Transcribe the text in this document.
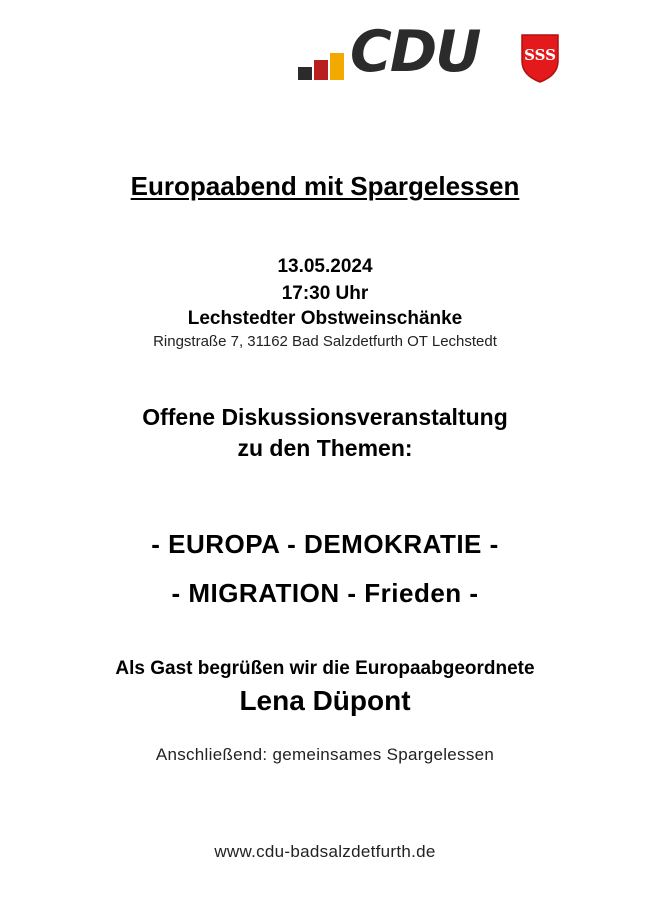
CDU	SSS
Europaabend mit Spargelessen
13.05.2024
17:30 Uhr
Lechstedter Obstweinschänke
Ringstraße 7, 31162 Bad Salzdetfurth OT Lechstedt
Offene Diskussionsveranstaltung
zu den Themen:
- EUROPA - DEMOKRATIE -
- MIGRATION - Frieden -
Als Gast begrüßen wir die Europaabgeordnete
Lena Düpont
Anschließend: gemeinsames Spargelessen
www.cdu-badsalzdetfurth.de
